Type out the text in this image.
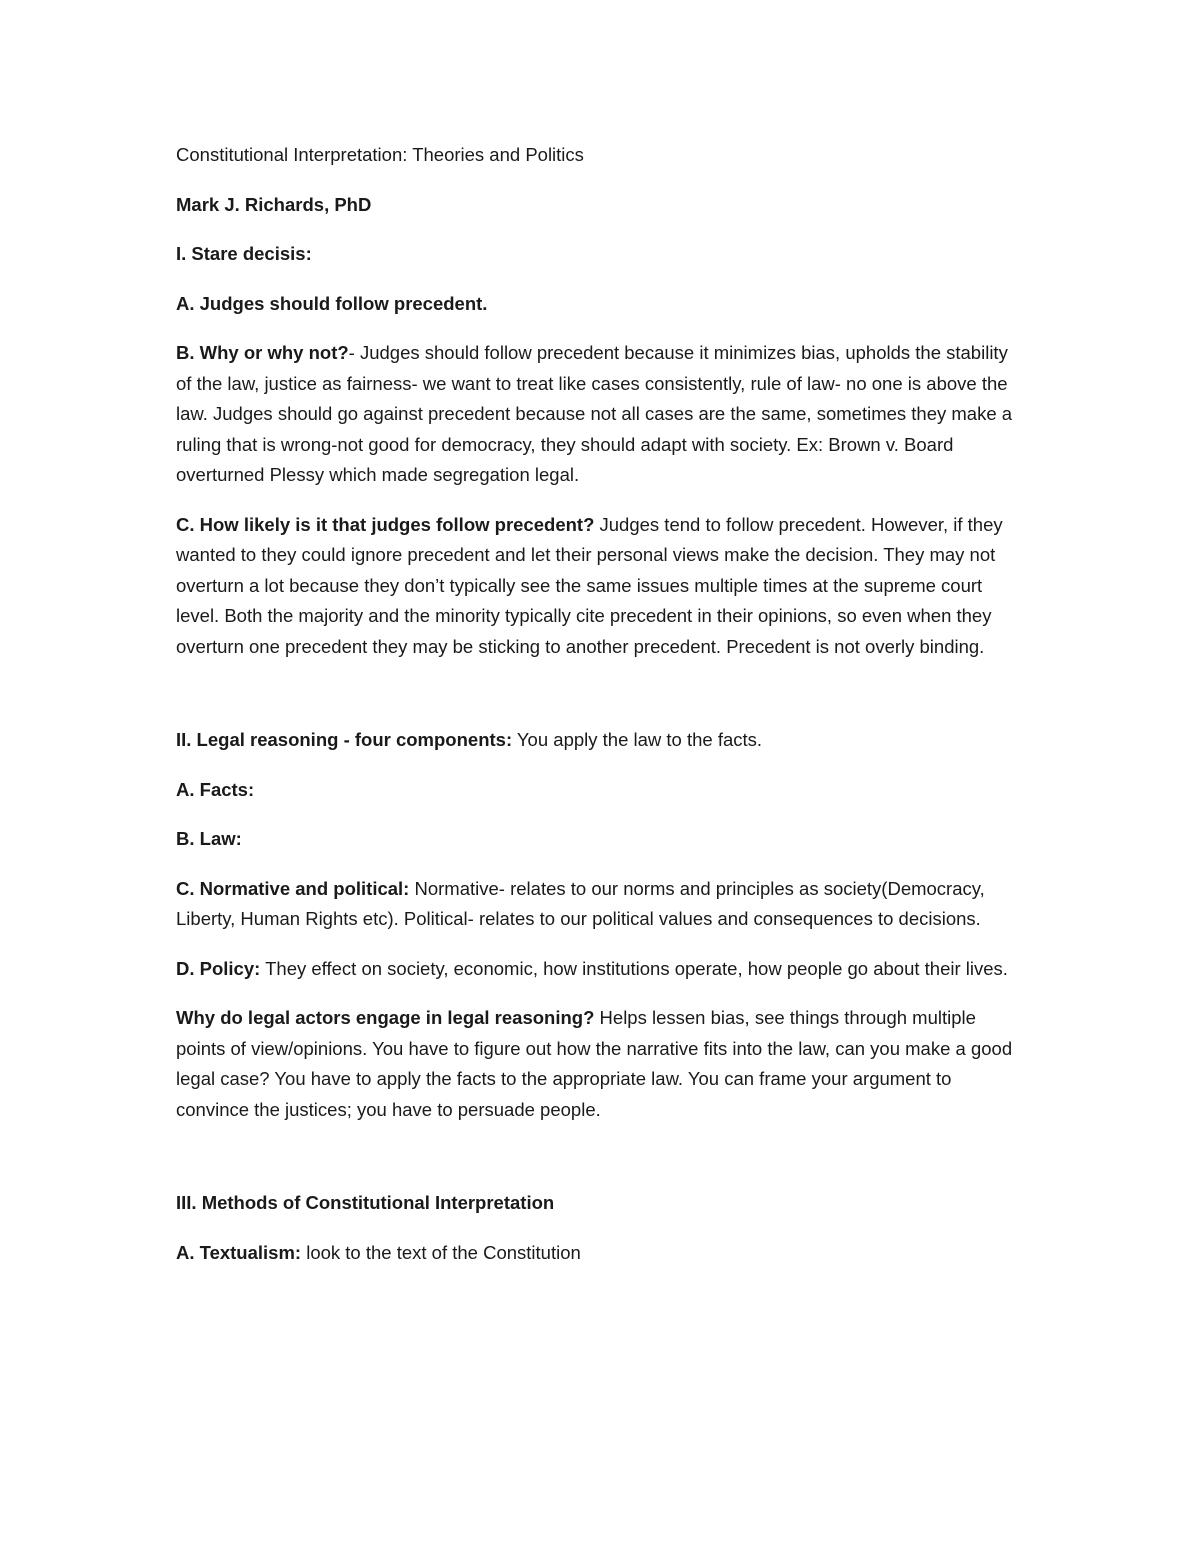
Constitutional Interpretation: Theories and Politics

Mark J. Richards, PhD

I. Stare decisis:

A. Judges should follow precedent.

B. Why or why not?- Judges should follow precedent because it minimizes bias, upholds the stability of the law, justice as fairness- we want to treat like cases consistently, rule of law- no one is above the law. Judges should go against precedent because not all cases are the same, sometimes they make a ruling that is wrong-not good for democracy, they should adapt with society. Ex: Brown v. Board overturned Plessy which made segregation legal.

C. How likely is it that judges follow precedent? Judges tend to follow precedent. However, if they wanted to they could ignore precedent and let their personal views make the decision. They may not overturn a lot because they don’t typically see the same issues multiple times at the supreme court level. Both the majority and the minority typically cite precedent in their opinions, so even when they overturn one precedent they may be sticking to another precedent. Precedent is not overly binding.

II. Legal reasoning - four components: You apply the law to the facts.

A. Facts:

B. Law:

C. Normative and political: Normative- relates to our norms and principles as society(Democracy, Liberty, Human Rights etc). Political- relates to our political values and consequences to decisions.

D. Policy: They effect on society, economic, how institutions operate, how people go about their lives.

Why do legal actors engage in legal reasoning? Helps lessen bias, see things through multiple points of view/opinions. You have to figure out how the narrative fits into the law, can you make a good legal case? You have to apply the facts to the appropriate law. You can frame your argument to convince the justices; you have to persuade people.

III. Methods of Constitutional Interpretation

A. Textualism: look to the text of the Constitution
